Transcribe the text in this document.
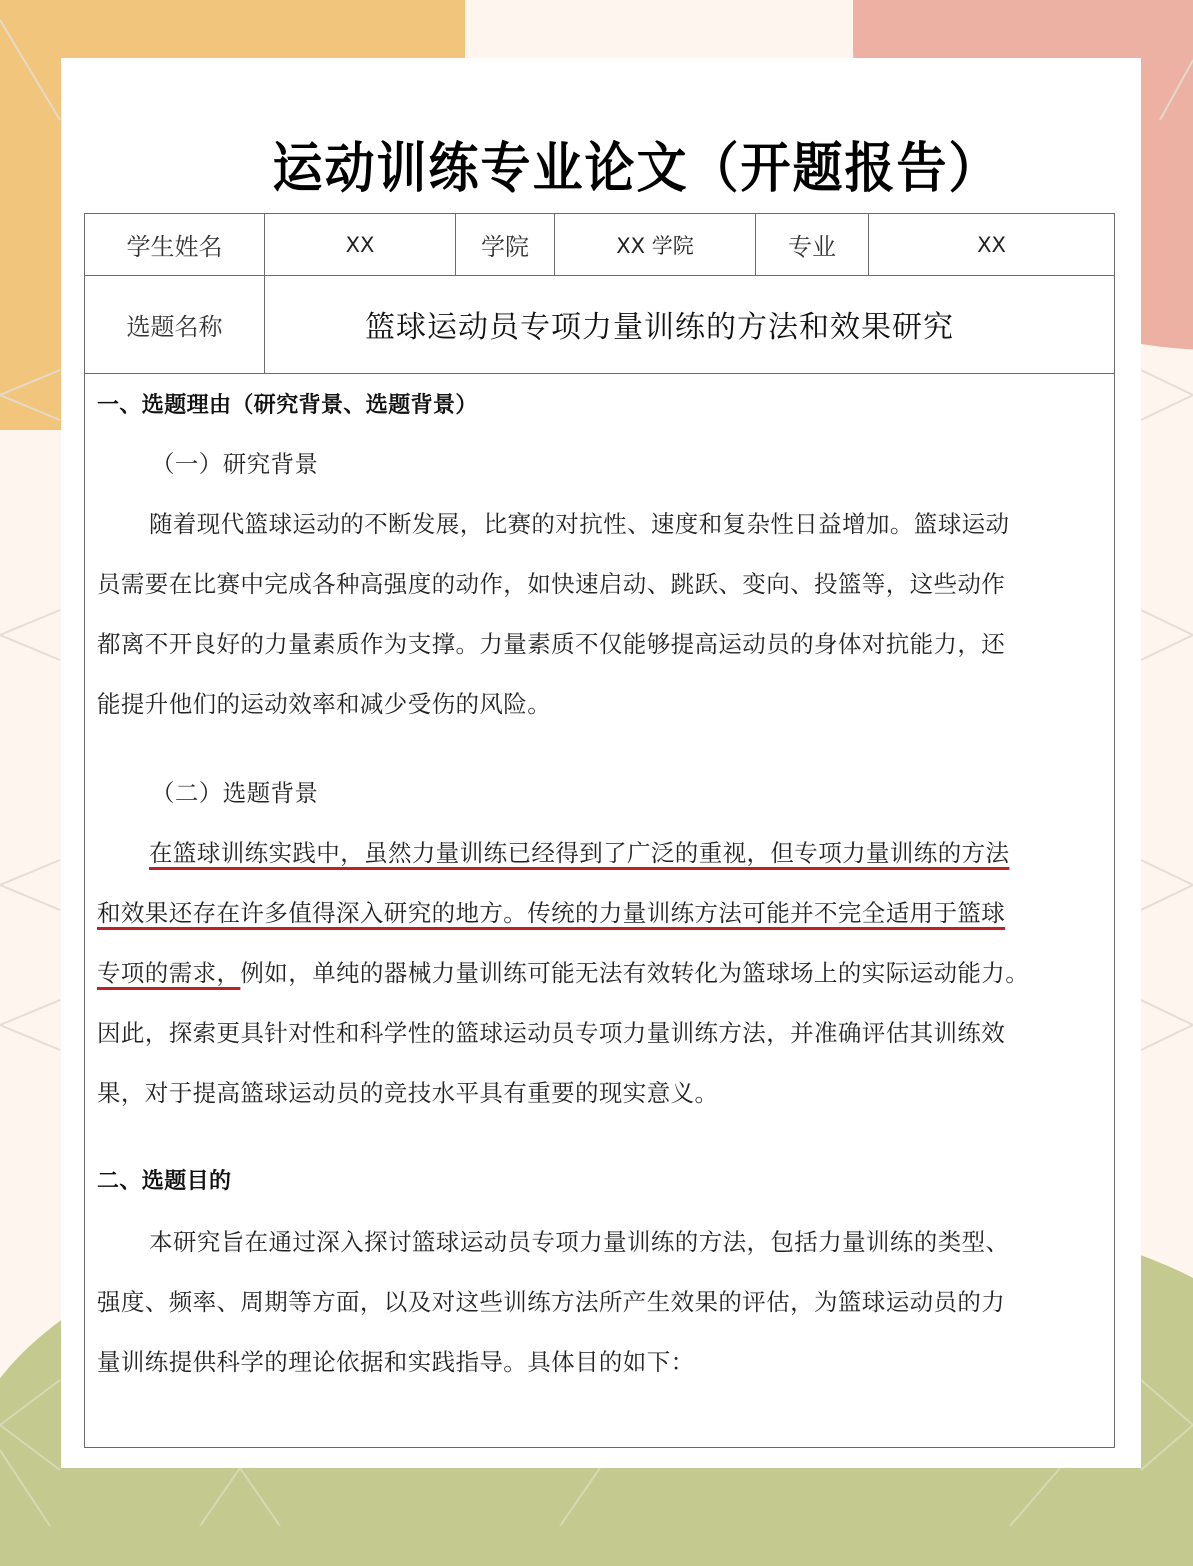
运动训练专业论文（开题报告）
学生姓名	XX	学院	XX 学院	专业	XX
选题名称	篮球运动员专项力量训练的方法和效果研究
一、选题理由（研究背景、选题背景）
（一）研究背景
随着现代篮球运动的不断发展，比赛的对抗性、速度和复杂性日益增加。篮球运动
员需要在比赛中完成各种高强度的动作，如快速启动、跳跃、变向、投篮等，这些动作
都离不开良好的力量素质作为支撑。力量素质不仅能够提高运动员的身体对抗能力，还
能提升他们的运动效率和减少受伤的风险。
（二）选题背景
在篮球训练实践中，虽然力量训练已经得到了广泛的重视，但专项力量训练的方法
和效果还存在许多值得深入研究的地方。传统的力量训练方法可能并不完全适用于篮球
专项的需求，例如，单纯的器械力量训练可能无法有效转化为篮球场上的实际运动能力。
因此，探索更具针对性和科学性的篮球运动员专项力量训练方法，并准确评估其训练效
果，对于提高篮球运动员的竞技水平具有重要的现实意义。
二、选题目的
本研究旨在通过深入探讨篮球运动员专项力量训练的方法，包括力量训练的类型、
强度、频率、周期等方面，以及对这些训练方法所产生效果的评估，为篮球运动员的力
量训练提供科学的理论依据和实践指导。具体目的如下：
